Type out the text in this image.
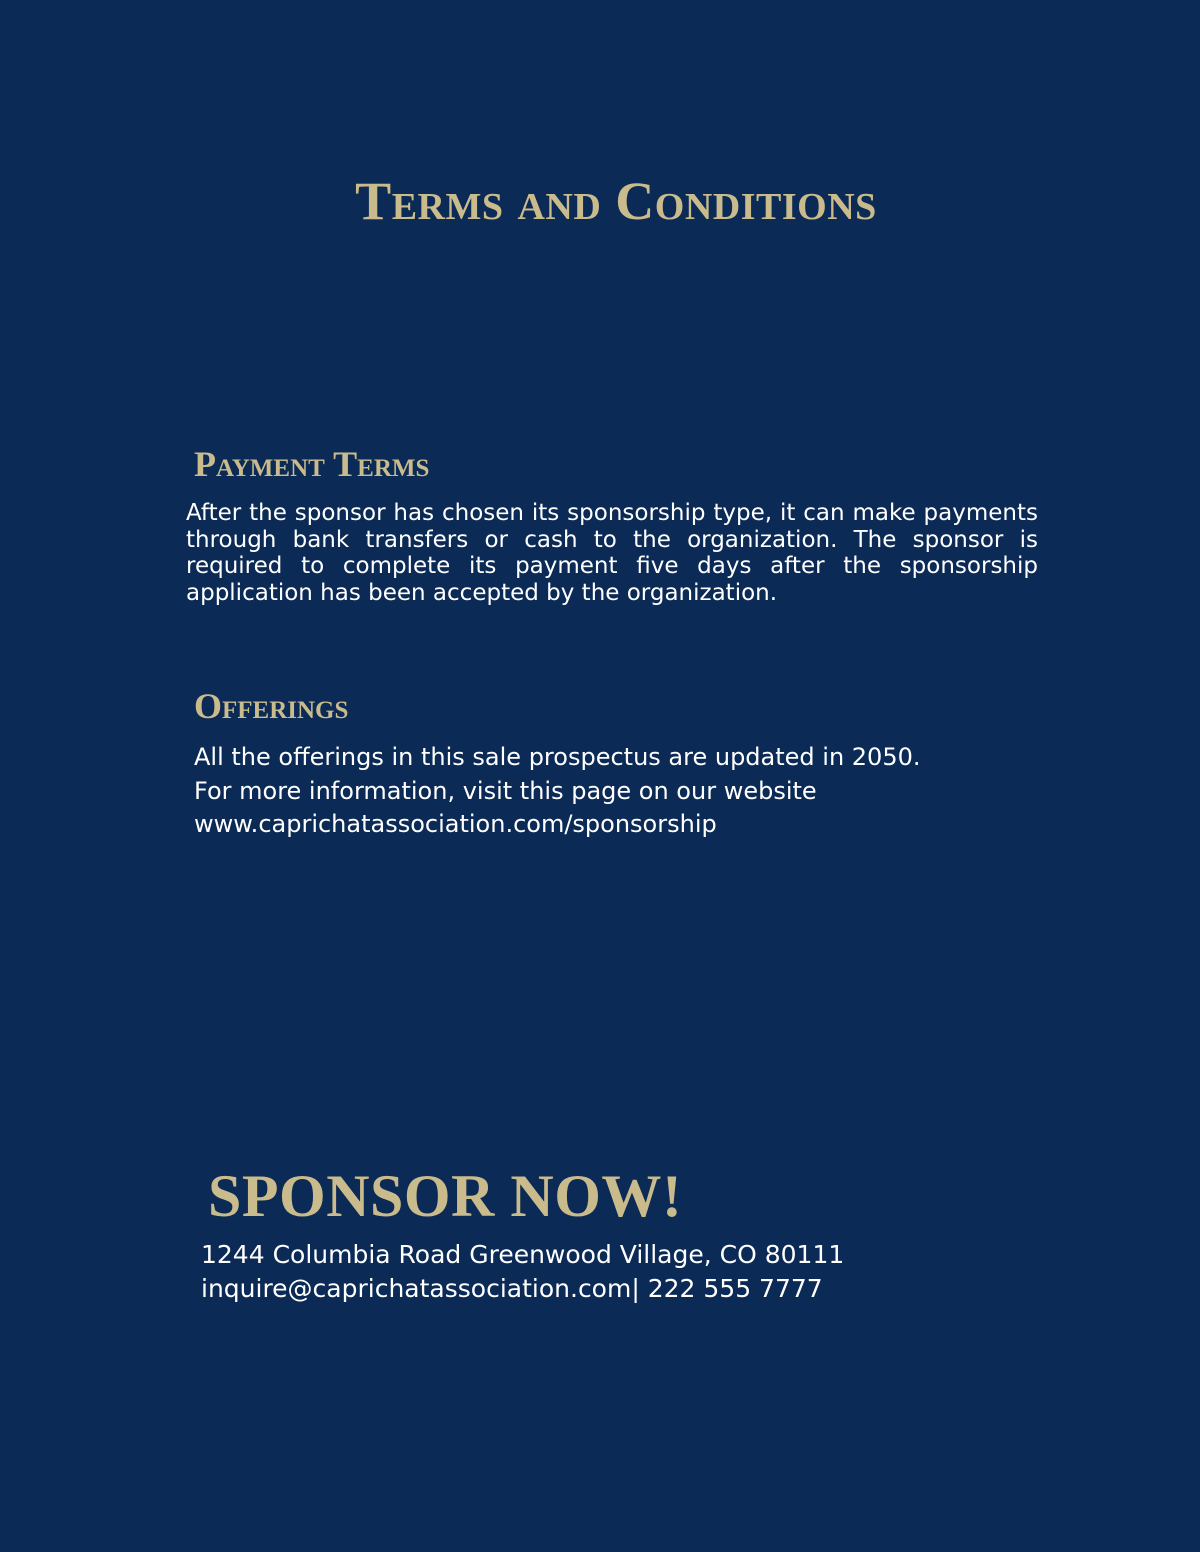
Terms and Conditions
Payment Terms

After the sponsor has chosen its sponsorship type, it can make payments through bank transfers or cash to the organization. The sponsor is required to complete its payment five days after the sponsorship application has been accepted by the organization.

Offerings

All the offerings in this sale prospectus are updated in 2050.
For more information, visit this page on our website
www.caprichatassociation.com/sponsorship

SPONSOR NOW!

1244 Columbia Road Greenwood Village, CO 80111
inquire@caprichatassociation.com| 222 555 7777
